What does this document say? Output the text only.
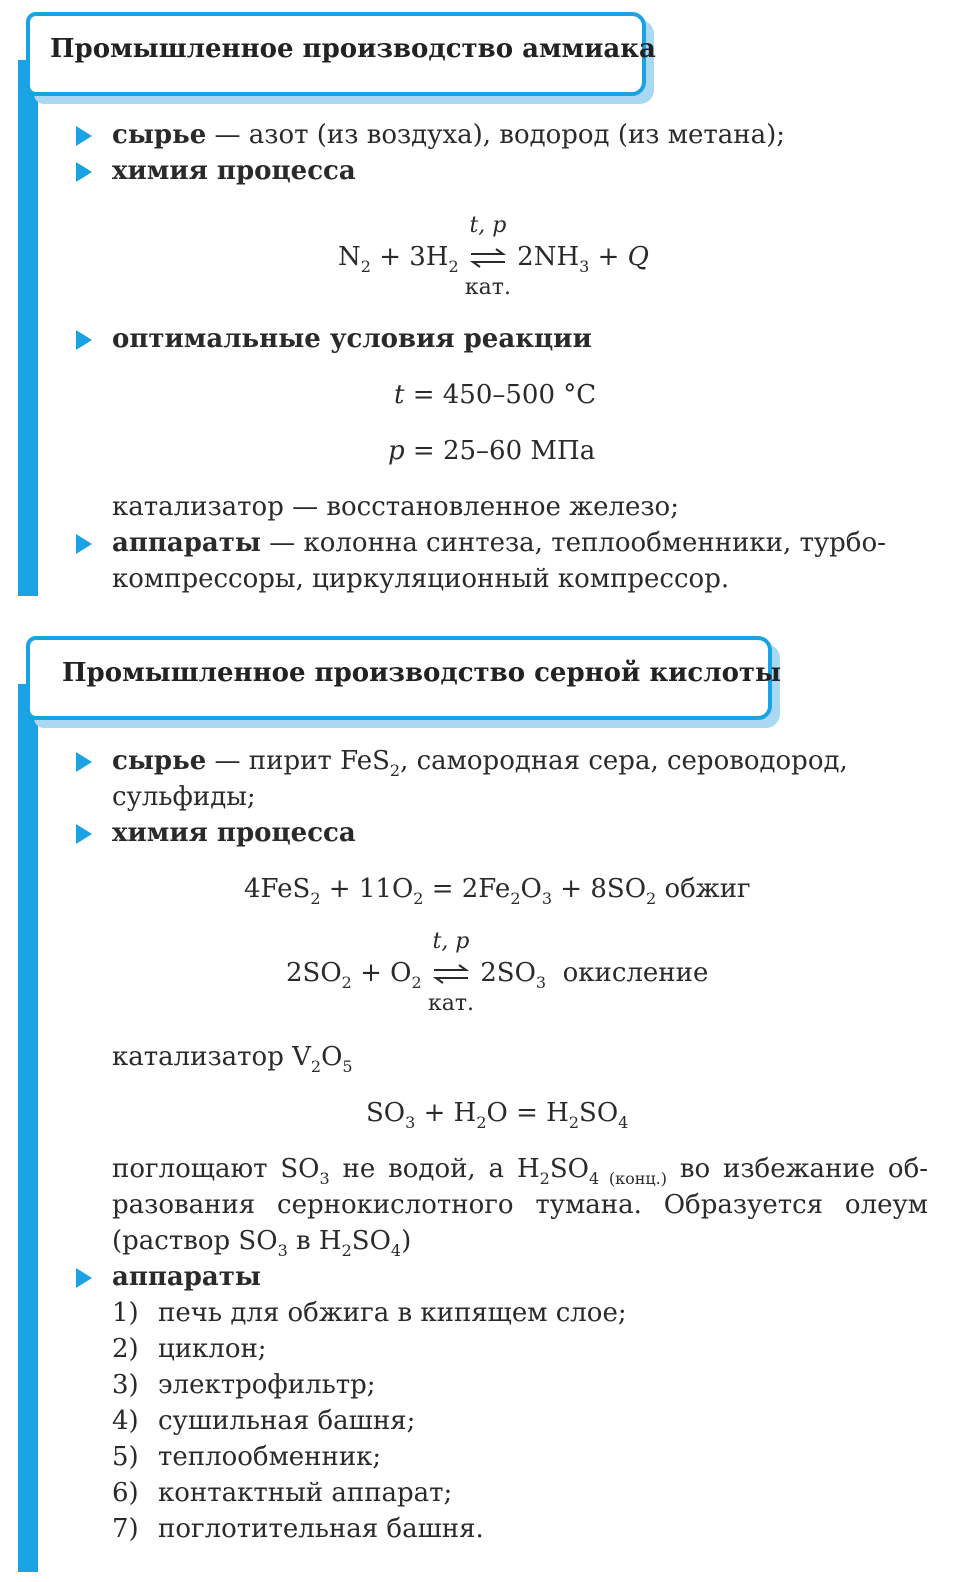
Промышленное производство аммиака
сырье — азот (из воздуха), водород (из метана);
химия процесса
$N_2 + 3H_2$
t, p
кат.
$2NH_3 + Q$
оптимальные условия реакции
t = 450–500 °C
p = 25–60 МПа
катализатор — восстановленное железо;
аппараты — колонна синтеза, теплообменники, турбо-
компрессоры, циркуляционный компрессор.
Промышленное производство серной кислоты
сырье — пирит FeS$_2$, самородная сера, сероводород,
сульфиды;
химия процесса
$4FeS_2 + 11O_2 = 2Fe_2O_3 + 8SO_2$ обжиг
$2SO_2 + O_2$
t, p
кат.
$2SO_3$ окисление
катализатор $V_2O_5$
$SO_3 + H_2O = H_2SO_4$
поглощают $SO_3$ не водой, а $H_2SO_{4 (конц.)}$ во избежание об-
разования сернокислотного тумана. Образуется олеум
(раствор $SO_3$ в $H_2SO_4$)
аппараты
1) печь для обжига в кипящем слое;
2) циклон;
3) электрофильтр;
4) сушильная башня;
5) теплообменник;
6) контактный аппарат;
7) поглотительная башня.
